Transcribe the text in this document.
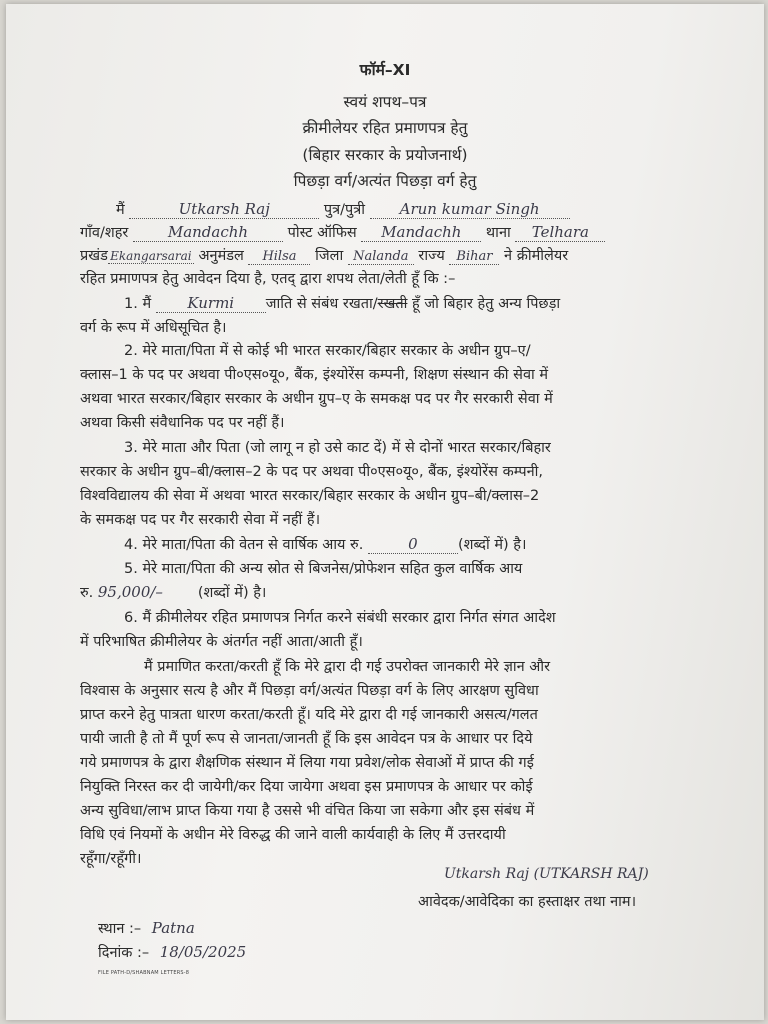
फॉर्म–XI
स्वयं शपथ–पत्र
क्रीमीलेयर रहित प्रमाणपत्र हेतु
(बिहार सरकार के प्रयोजनार्थ)
पिछड़ा वर्ग/अत्यंत पिछड़ा वर्ग हेतु
मैं	Utkarsh Raj	पुत्र/पुत्री Arun kumar Singh
गाँव/शहर	Mandachh	पोस्ट ऑफिस Mandachh थाना Telhara
प्रखंड Ekangarsarai अनुमंडल Hilsa जिला Nalanda राज्य Bihar ने क्रीमीलेयर
रहित प्रमाणपत्र हेतु आवेदन दिया है, एतद् द्वारा शपथ लेता/लेती हूँ कि :–
1. मैं Kurmi जाति से संबंध रखता/रखती हूँ जो बिहार हेतु अन्य पिछड़ा
वर्ग के रूप में अधिसूचित है।
2. मेरे माता/पिता में से कोई भी भारत सरकार/बिहार सरकार के अधीन ग्रुप–ए/
क्लास–1 के पद पर अथवा पी०एस०यू०, बैंक, इंश्योरेंस कम्पनी, शिक्षण संस्थान की सेवा में
अथवा भारत सरकार/बिहार सरकार के अधीन ग्रुप–ए के समकक्ष पद पर गैर सरकारी सेवा में
अथवा किसी संवैधानिक पद पर नहीं हैं।
3. मेरे माता और पिता (जो लागू न हो उसे काट दें) में से दोनों भारत सरकार/बिहार
सरकार के अधीन ग्रुप–बी/क्लास–2 के पद पर अथवा पी०एस०यू०, बैंक, इंश्योरेंस कम्पनी,
विश्वविद्यालय की सेवा में अथवा भारत सरकार/बिहार सरकार के अधीन ग्रुप–बी/क्लास–2
के समकक्ष पद पर गैर सरकारी सेवा में नहीं हैं।
4. मेरे माता/पिता की वेतन से वार्षिक आय रु.	0	(शब्दों में) है।
5. मेरे माता/पिता की अन्य स्रोत से बिजनेस/प्रोफेशन सहित कुल वार्षिक आय
रु. 95,000/– (शब्दों में) है।
6. मैं क्रीमीलेयर रहित प्रमाणपत्र निर्गत करने संबंधी सरकार द्वारा निर्गत संगत आदेश
में परिभाषित क्रीमीलेयर के अंतर्गत नहीं आता/आती हूँ।
मैं प्रमाणित करता/करती हूँ कि मेरे द्वारा दी गई उपरोक्त जानकारी मेरे ज्ञान और
विश्वास के अनुसार सत्य है और मैं पिछड़ा वर्ग/अत्यंत पिछड़ा वर्ग के लिए आरक्षण सुविधा
प्राप्त करने हेतु पात्रता धारण करता/करती हूँ। यदि मेरे द्वारा दी गई जानकारी असत्य/गलत
पायी जाती है तो मैं पूर्ण रूप से जानता/जानती हूँ कि इस आवेदन पत्र के आधार पर दिये
गये प्रमाणपत्र के द्वारा शैक्षणिक संस्थान में लिया गया प्रवेश/लोक सेवाओं में प्राप्त की गई
नियुक्ति निरस्त कर दी जायेगी/कर दिया जायेगा अथवा इस प्रमाणपत्र के आधार पर कोई
अन्य सुविधा/लाभ प्राप्त किया गया है उससे भी वंचित किया जा सकेगा और इस संबंध में
विधि एवं नियमों के अधीन मेरे विरुद्ध की जाने वाली कार्यवाही के लिए मैं उत्तरदायी
रहूँगा/रहूँगी।
Utkarsh Raj (UTKARSH RAJ)
आवेदक/आवेदिका का हस्ताक्षर तथा नाम।
स्थान :– Patna
दिनांक :– 18/05/2025
FILE PATH-D/SHABNAM LETTERS-8
